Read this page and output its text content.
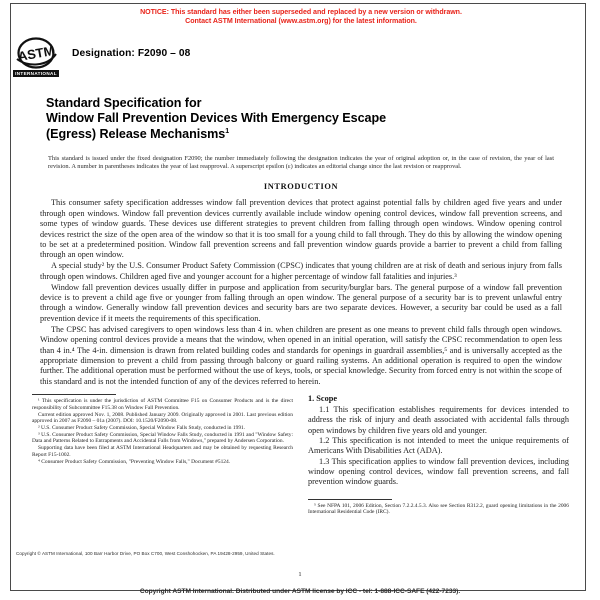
NOTICE: This standard has either been superseded and replaced by a new version or withdrawn.
Contact ASTM International (www.astm.org) for the latest information.
ASTM
INTERNATIONAL
Designation: F2090 – 08
Standard Specification for
Window Fall Prevention Devices With Emergency Escape
(Egress) Release Mechanisms$^1$
This standard is issued under the fixed designation F2090; the number immediately following the designation indicates the year of original adoption or, in the case of revision, the year of last revision. A number in parentheses indicates the year of last reapproval. A superscript epsilon (ε) indicates an editorial change since the last revision or reapproval.
INTRODUCTION

This consumer safety specification addresses window fall prevention devices that protect against potential falls by children aged five years and under through open windows. Window fall prevention devices currently available include window opening control devices, window fall prevention screens, and some types of window guards. These devices use different strategies to prevent children from falling through open windows. Window opening control devices restrict the size of the open area of the window so that it is too small for a young child to fall through. They do this by allowing the window opening to be set at a predetermined position. Window fall prevention screens and fall prevention window guards provide a barrier to prevent a child from falling through an open window.

A special study² by the U.S. Consumer Product Safety Commission (CPSC) indicates that young children are at risk of death and serious injury from falls through open windows. Children aged five and younger account for a higher percentage of window fall fatalities and injuries.³

Window fall prevention devices usually differ in purpose and application from security/burglar bars. The general purpose of a window fall prevention device is to prevent a child age five or younger from falling through an open window. The general purpose of a security bar is to prevent unlawful entry through a window. Generally window fall prevention devices and security bars are two separate devices. However, a security bar could be used as a fall prevention device if it meets the requirements of this specification.

The CPSC has advised caregivers to open windows less than 4 in. when children are present as one means to prevent child falls through open windows. Window opening control devices provide a means that the window, when opened in an initial operation, will satisfy the CPSC recommendation to open less than 4 in.⁴ The 4-in. dimension is drawn from related building codes and standards for openings in guardrail assemblies,⁵ and is universally accepted as the appropriate dimension to prevent a child from passing through balcony or guard railing systems. An additional operation is required to open the window further. The additional operation must be performed without the use of keys, tools, or special knowledge. Security from forced entry is not within the scope of this standard and is not the intended function of any of the devices referred to herein.

¹ This specification is under the jurisdiction of ASTM Committee F15 on Consumer Products and is the direct responsibility of Subcommittee F15.38 on Window Fall Prevention.

Current edition approved Nov. 1, 2008. Published January 2009. Originally approved in 2001. Last previous edition approved in 2007 as F2090 – 01a (2007). DOI: 10.1520/F2090-08.

² U.S. Consumer Product Safety Commission, Special Window Falls Study, conducted in 1991.

³ U.S. Consumer Product Safety Commission, Special Window Falls Study, conducted in 1991 and "Window Safety: Data and Patterns Related to Entrapments and Accidental Falls from Windows," prepared by Andersen Corporation.

Supporting data have been filed at ASTM International Headquarters and may be obtained by requesting Research Report F15-1002.

⁴ Consumer Product Safety Commission, "Preventing Window Falls," Document #5124.

1. Scope

1.1 This specification establishes requirements for devices intended to address the risk of injury and death associated with accidental falls through open windows by children five years old and younger.

1.2 This specification is not intended to meet the unique requirements of Americans With Disabilities Act (ADA).

1.3 This specification applies to window fall prevention devices, including window opening control devices, window fall prevention screens, and fall prevention window guards.

⁵ See NFPA 101, 2006 Edition, Section 7.2.2.4.5.3. Also see Section R312.2, guard opening limitations in the 2006 International Residential Code (IRC).

Copyright © ASTM International, 100 Barr Harbor Drive, PO Box C700, West Conshohocken, PA 19428-2959, United States.
1
Copyright ASTM International. Distributed under ASTM license by ICC - tel: 1-888-ICC-SAFE (422-7233).
